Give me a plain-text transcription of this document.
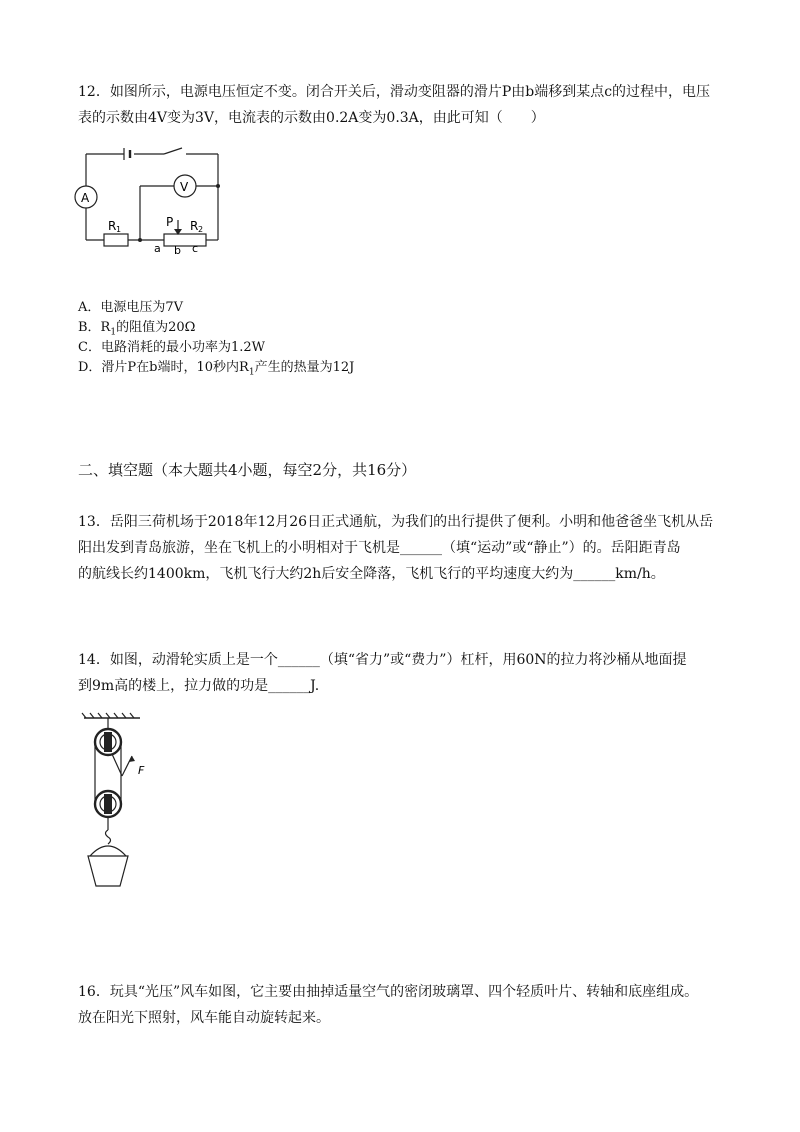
12．如图所示，电源电压恒定不变。闭合开关后，滑动变阻器的滑片P由b端移到某点c的过程中，电压
表的示数由4V变为3V，电流表的示数由0.2A变为0.3A，由此可知（　　）
A
V
R 1	R 2
P
a b c
A．电源电压为7V
B．$R_1$的阻值为20Ω
C．电路消耗的最小功率为1.2W
D．滑片P在b端时，10秒内$R_1$产生的热量为12J
二、填空题（本大题共4小题，每空2分，共16分）
13．岳阳三荷机场于2018年12月26日正式通航，为我们的出行提供了便利。小明和他爸爸坐飞机从岳
阳出发到青岛旅游，坐在飞机上的小明相对于飞机是______（填“运动”或“静止”）的。岳阳距青岛
的航线长约1400km，飞机飞行大约2h后安全降落，飞机飞行的平均速度大约为______km/h。
14．如图，动滑轮实质上是一个______（填“省力”或“费力”）杠杆，用60N的拉力将沙桶从地面提
到9m高的楼上，拉力做的功是______J.
F
16．玩具“光压”风车如图，它主要由抽掉适量空气的密闭玻璃罩、四个轻质叶片、转轴和底座组成。
放在阳光下照射，风车能自动旋转起来。
